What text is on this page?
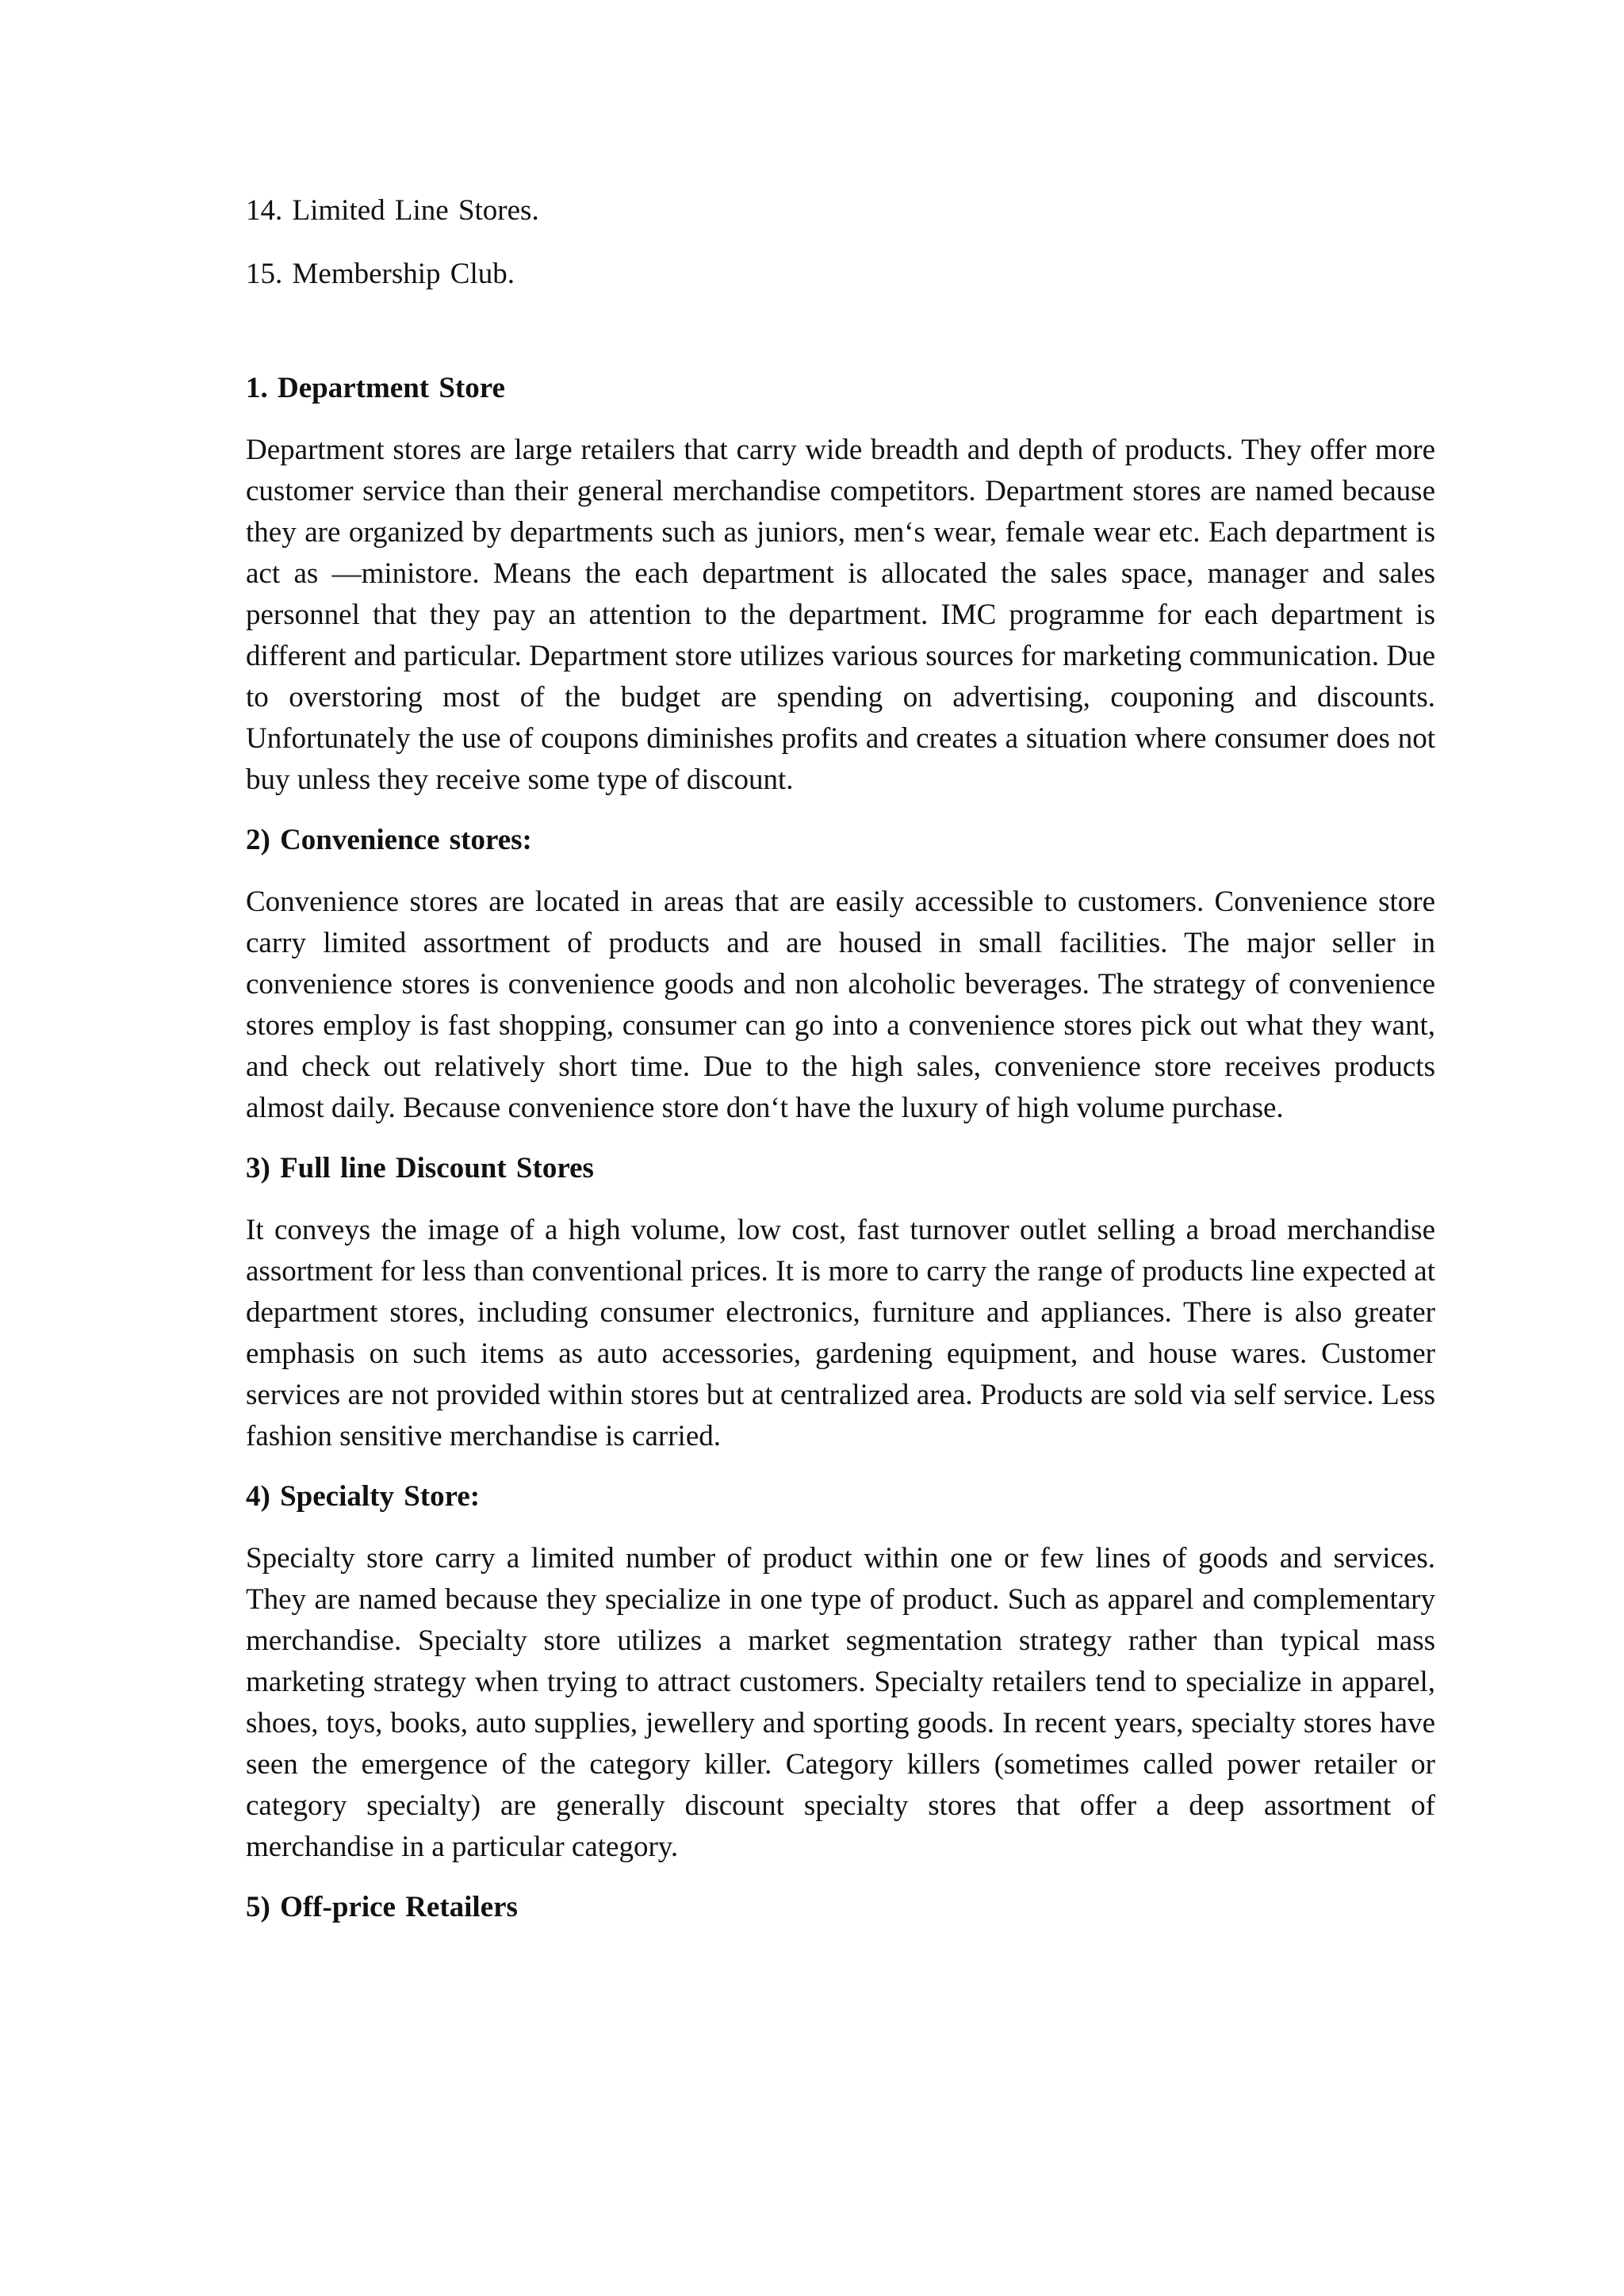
14. Limited Line Stores.
15. Membership Club.
1. Department Store
Department stores are large retailers that carry wide breadth and depth of products. They offer more customer service than their general merchandise competitors. Department stores are named because they are organized by departments such as juniors, men‘s wear, female wear etc. Each department is act as ―ministore. Means the each department is allocated the sales space, manager and sales personnel that they pay an attention to the department. IMC programme for each department is different and particular. Department store utilizes various sources for marketing communication. Due to overstoring most of the budget are spending on advertising, couponing and discounts. Unfortunately the use of coupons diminishes profits and creates a situation where consumer does not buy unless they receive some type of discount.
2) Convenience stores:
Convenience stores are located in areas that are easily accessible to customers. Convenience store carry limited assortment of products and are housed in small facilities. The major seller in convenience stores is convenience goods and non alcoholic beverages. The strategy of convenience stores employ is fast shopping, consumer can go into a convenience stores pick out what they want, and check out relatively short time. Due to the high sales, convenience store receives products almost daily. Because convenience store don‘t have the luxury of high volume purchase.
3) Full line Discount Stores
It conveys the image of a high volume, low cost, fast turnover outlet selling a broad merchandise assortment for less than conventional prices. It is more to carry the range of products line expected at department stores, including consumer electronics, furniture and appliances. There is also greater emphasis on such items as auto accessories, gardening equipment, and house wares. Customer services are not provided within stores but at centralized area. Products are sold via self service. Less fashion sensitive merchandise is carried.
4) Specialty Store:
Specialty store carry a limited number of product within one or few lines of goods and services. They are named because they specialize in one type of product. Such as apparel and complementary merchandise. Specialty store utilizes a market segmentation strategy rather than typical mass marketing strategy when trying to attract customers. Specialty retailers tend to specialize in apparel, shoes, toys, books, auto supplies, jewellery and sporting goods. In recent years, specialty stores have seen the emergence of the category killer. Category killers (sometimes called power retailer or category specialty) are generally discount specialty stores that offer a deep assortment of merchandise in a particular category.
5) Off-price Retailers
